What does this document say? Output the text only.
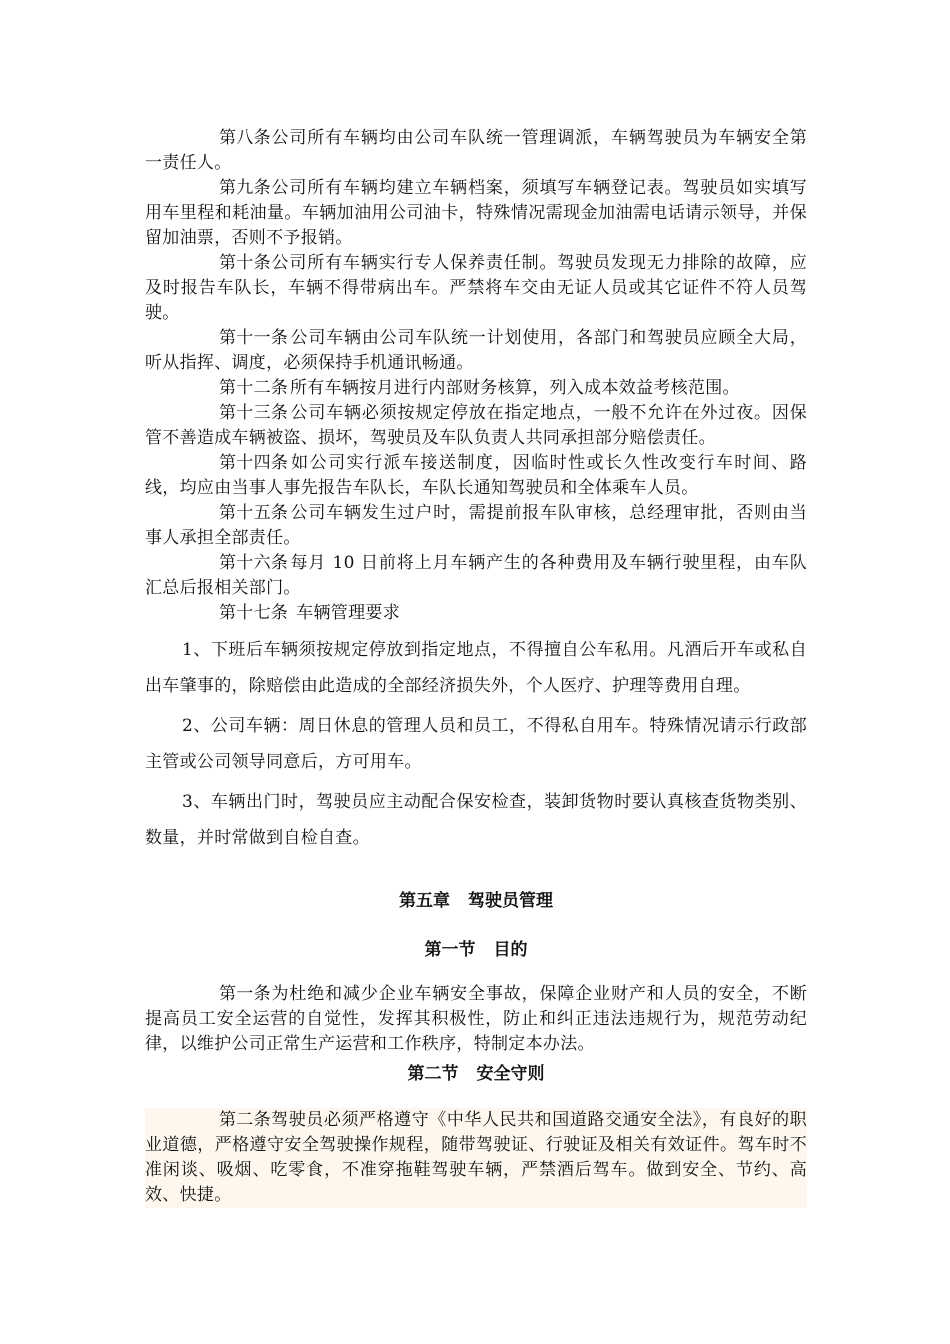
第八条公司所有车辆均由公司车队统一管理调派，车辆驾驶员为车辆安全第一责任人。

第九条公司所有车辆均建立车辆档案，须填写车辆登记表。驾驶员如实填写用车里程和耗油量。车辆加油用公司油卡，特殊情况需现金加油需电话请示领导，并保留加油票，否则不予报销。

第十条公司所有车辆实行专人保养责任制。驾驶员发现无力排除的故障，应及时报告车队长，车辆不得带病出车。严禁将车交由无证人员或其它证件不符人员驾驶。

第十一条 公司车辆由公司车队统一计划使用，各部门和驾驶员应顾全大局，听从指挥、调度，必须保持手机通讯畅通。

第十二条 所有车辆按月进行内部财务核算，列入成本效益考核范围。

第十三条 公司车辆必须按规定停放在指定地点，一般不允许在外过夜。因保管不善造成车辆被盗、损坏，驾驶员及车队负责人共同承担部分赔偿责任。

第十四条 如公司实行派车接送制度，因临时性或长久性改变行车时间、路线，均应由当事人事先报告车队长，车队长通知驾驶员和全体乘车人员。

第十五条 公司车辆发生过户时，需提前报车队审核，总经理审批，否则由当事人承担全部责任。

第十六条 每月 10 日前将上月车辆产生的各种费用及车辆行驶里程，由车队汇总后报相关部门。

第十七条 车辆管理要求

1、下班后车辆须按规定停放到指定地点，不得擅自公车私用。凡酒后开车或私自出车肇事的，除赔偿由此造成的全部经济损失外，个人医疗、护理等费用自理。

2、公司车辆：周日休息的管理人员和员工，不得私自用车。特殊情况请示行政部主管或公司领导同意后，方可用车。

3、车辆出门时，驾驶员应主动配合保安检查，装卸货物时要认真核查货物类别、数量，并时常做到自检自查。

第五章 驾驶员管理

第一节 目的

第一条为杜绝和减少企业车辆安全事故，保障企业财产和人员的安全，不断提高员工安全运营的自觉性，发挥其积极性，防止和纠正违法违规行为，规范劳动纪律，以维护公司正常生产运营和工作秩序，特制定本办法。

第二节 安全守则

第二条驾驶员必须严格遵守《中华人民共和国道路交通安全法》，有良好的职业道德，严格遵守安全驾驶操作规程，随带驾驶证、行驶证及相关有效证件。驾车时不准闲谈、吸烟、吃零食，不准穿拖鞋驾驶车辆，严禁酒后驾车。做到安全、节约、高效、快捷。
